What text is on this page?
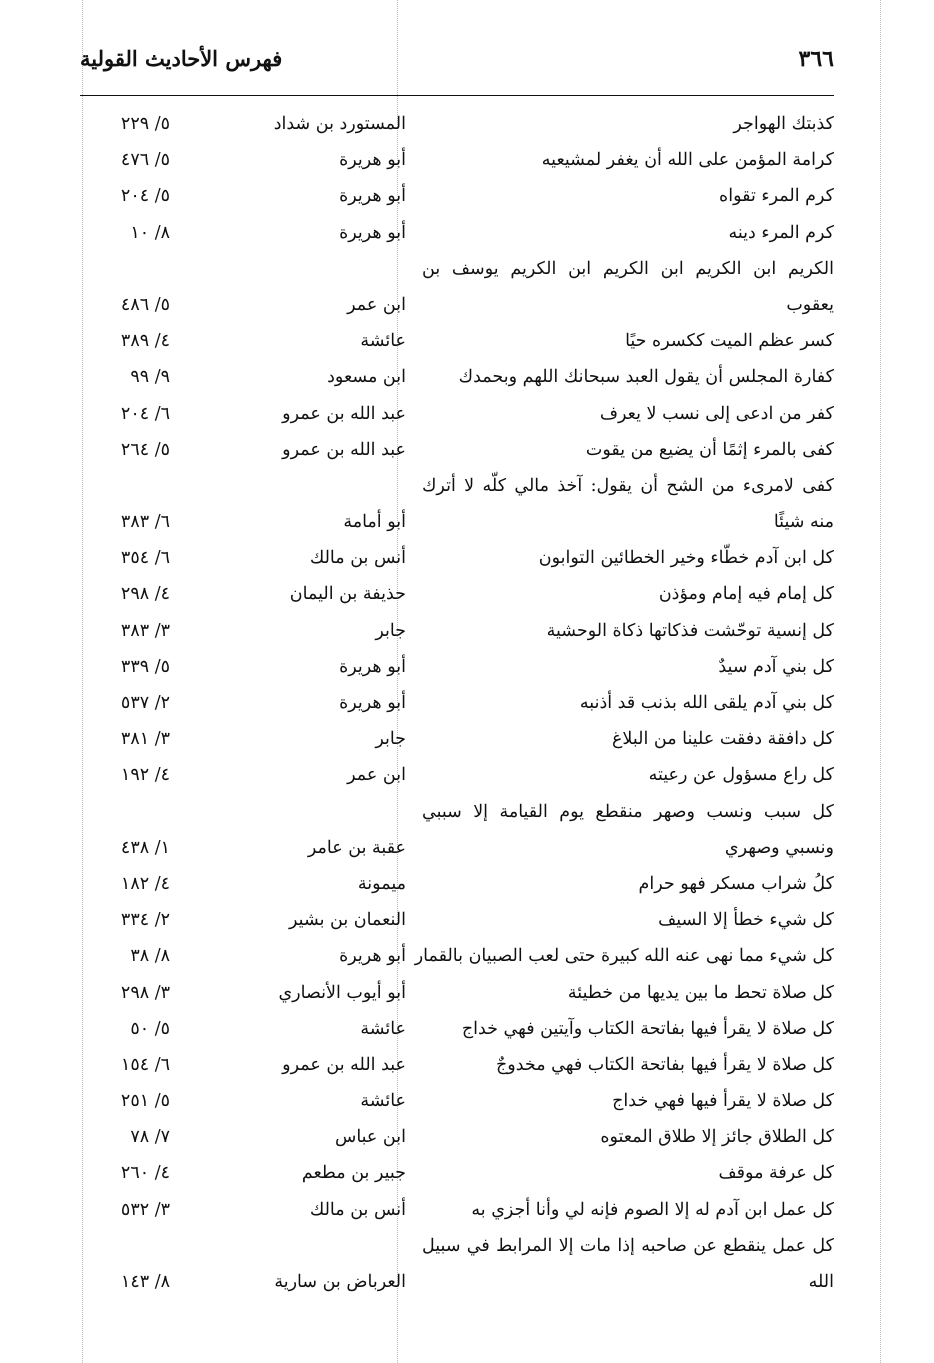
٣٦٦
فهرس الأحاديث القولية
كذبتك الهواجر
المستورد بن شداد
٥/ ٢٢٩
كرامة المؤمن على الله أن يغفر لمشيعيه
أبو هريرة
٥/ ٤٧٦
كرم المرء تقواه
أبو هريرة
٥/ ٢٠٤
كرم المرء دينه
أبو هريرة
٨/ ١٠
الكريم ابن الكريم ابن الكريم ابن الكريم يوسف بن يعقوب
ابن عمر
٥/ ٤٨٦
كسر عظم الميت ككسره حيًا
عائشة
٤/ ٣٨٩
كفارة المجلس أن يقول العبد سبحانك اللهم وبحمدك
ابن مسعود
٩/ ٩٩
كفر من ادعى إلى نسب لا يعرف
عبد الله بن عمرو
٦/ ٢٠٤
كفى بالمرء إثمًا أن يضيع من يقوت
عبد الله بن عمرو
٥/ ٢٦٤
كفى لامرىء من الشح أن يقول: آخذ مالي كلّه لا أترك منه شيئًا
أبو أمامة
٦/ ٣٨٣
كل ابن آدم خطّاء وخير الخطائين التوابون
أنس بن مالك
٦/ ٣٥٤
كل إمام فيه إمام ومؤذن
حذيفة بن اليمان
٤/ ٢٩٨
كل إنسية توحّشت فذكاتها ذكاة الوحشية
جابر
٣/ ٣٨٣
كل بني آدم سيدٌ
أبو هريرة
٥/ ٣٣٩
كل بني آدم يلقى الله بذنب قد أذنبه
أبو هريرة
٢/ ٥٣٧
كل دافقة دفقت علينا من البلاغ
جابر
٣/ ٣٨١
كل راع مسؤول عن رعيته
ابن عمر
٤/ ١٩٢
كل سبب ونسب وصهر منقطع يوم القيامة إلا سببي ونسبي وصهري
عقبة بن عامر
١/ ٤٣٨
كلُ شراب مسكر فهو حرام
ميمونة
٤/ ١٨٢
كل شيء خطأ إلا السيف
النعمان بن بشير
٢/ ٣٣٤
كل شيء مما نهى عنه الله كبيرة حتى لعب الصبيان بالقمار
أبو هريرة
٨/ ٣٨
كل صلاة تحط ما بين يديها من خطيئة
أبو أيوب الأنصاري
٣/ ٢٩٨
كل صلاة لا يقرأ فيها بفاتحة الكتاب وآيتين فهي خداج
عائشة
٥/ ٥٠
كل صلاة لا يقرأ فيها بفاتحة الكتاب فهي مخدوجٌ
عبد الله بن عمرو
٦/ ١٥٤
كل صلاة لا يقرأ فيها فهي خداج
عائشة
٥/ ٢٥١
كل الطلاق جائز إلا طلاق المعتوه
ابن عباس
٧/ ٧٨
كل عرفة موقف
جبير بن مطعم
٤/ ٢٦٠
كل عمل ابن آدم له إلا الصوم فإنه لي وأنا أجزي به
أنس بن مالك
٣/ ٥٣٢
كل عمل ينقطع عن صاحبه إذا مات إلا المرابط في سبيل الله
العرباض بن سارية
٨/ ١٤٣
